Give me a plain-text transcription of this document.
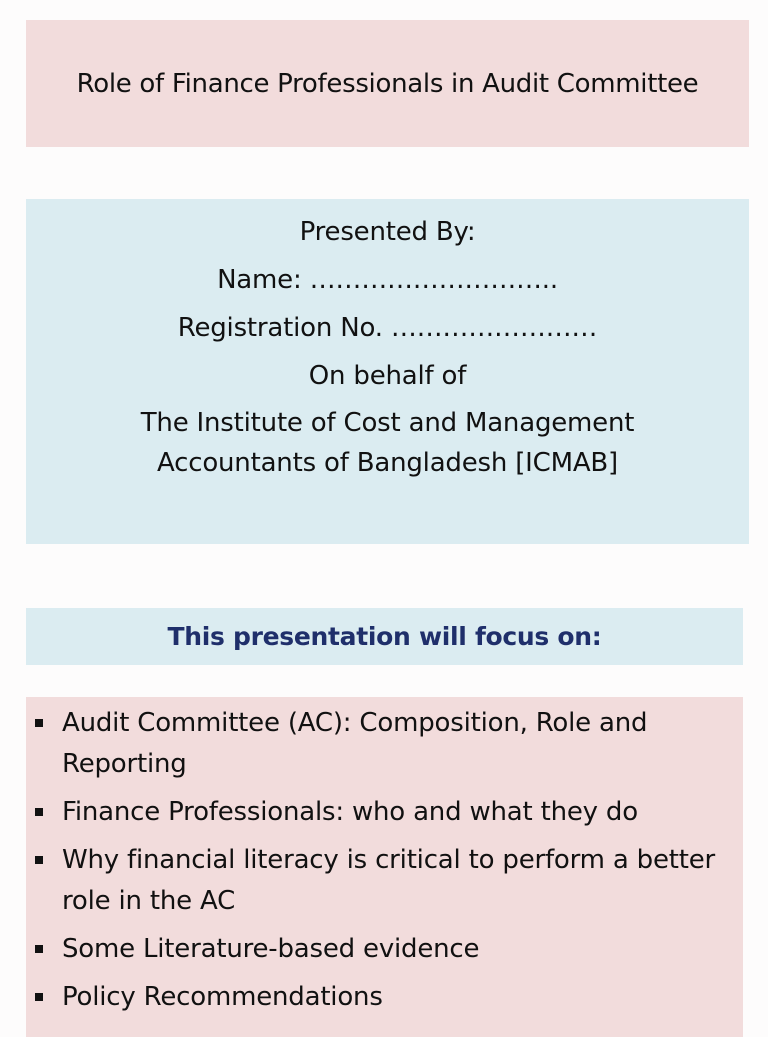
Role of Finance Professionals in Audit Committee
Presented By:
Name: ………………………..
Registration No. ……………………
On behalf of
The Institute of Cost and Management
Accountants of Bangladesh [ICMAB]
This presentation will focus on:
Audit Committee (AC): Composition, Role and Reporting
Finance Professionals: who and what they do
Why financial literacy is critical to perform a better role in the AC
Some Literature-based evidence
Policy Recommendations
